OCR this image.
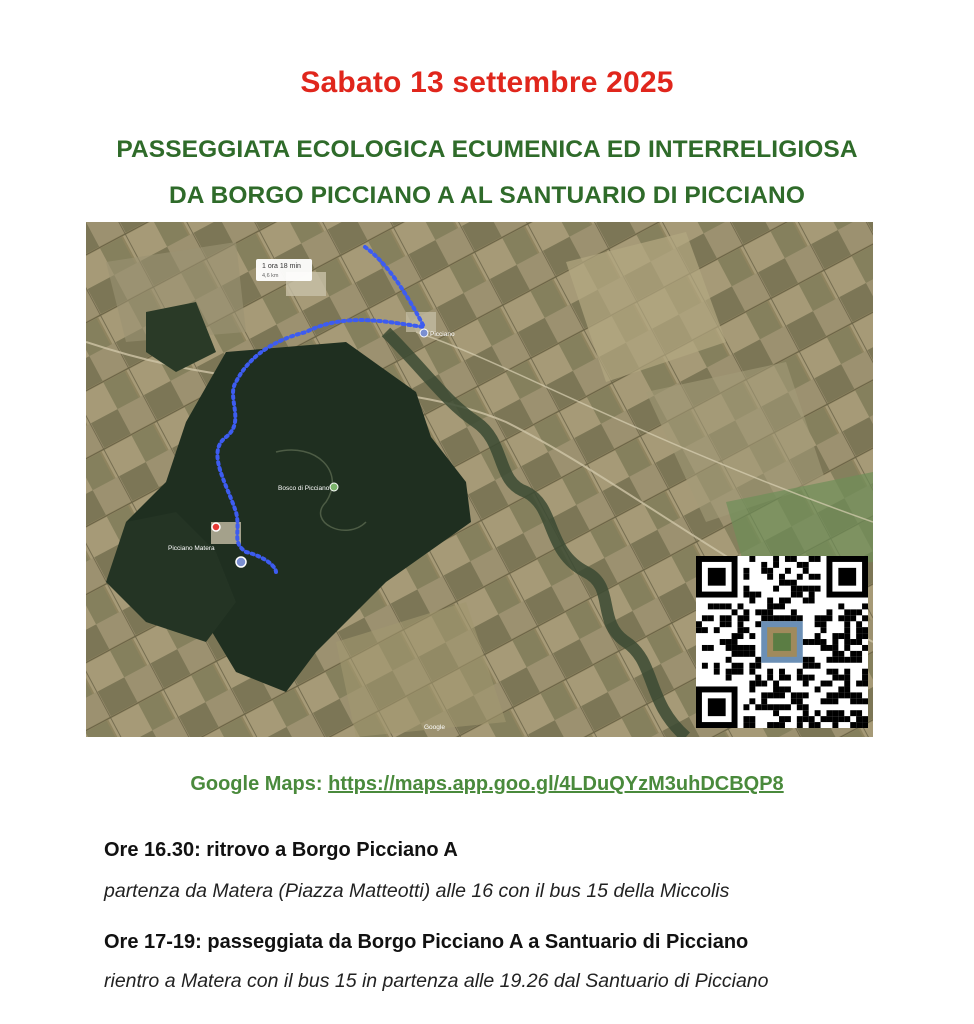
Sabato 13 settembre 2025
PASSEGGIATA ECOLOGICA ECUMENICA ED INTERRELIGIOSA
DA BORGO PICCIANO A AL SANTUARIO DI PICCIANO
1 ora 18 min
4,6 km
Picciano
Bosco di Picciano
Picciano Matera
Google
Google Maps: https://maps.app.goo.gl/4LDuQYzM3uhDCBQP8
Ore 16.30: ritrovo a Borgo Picciano A
partenza da Matera (Piazza Matteotti) alle 16 con il bus 15 della Miccolis
Ore 17-19: passeggiata da Borgo Picciano A a Santuario di Picciano
rientro a Matera con il bus 15 in partenza alle 19.26 dal Santuario di Picciano
